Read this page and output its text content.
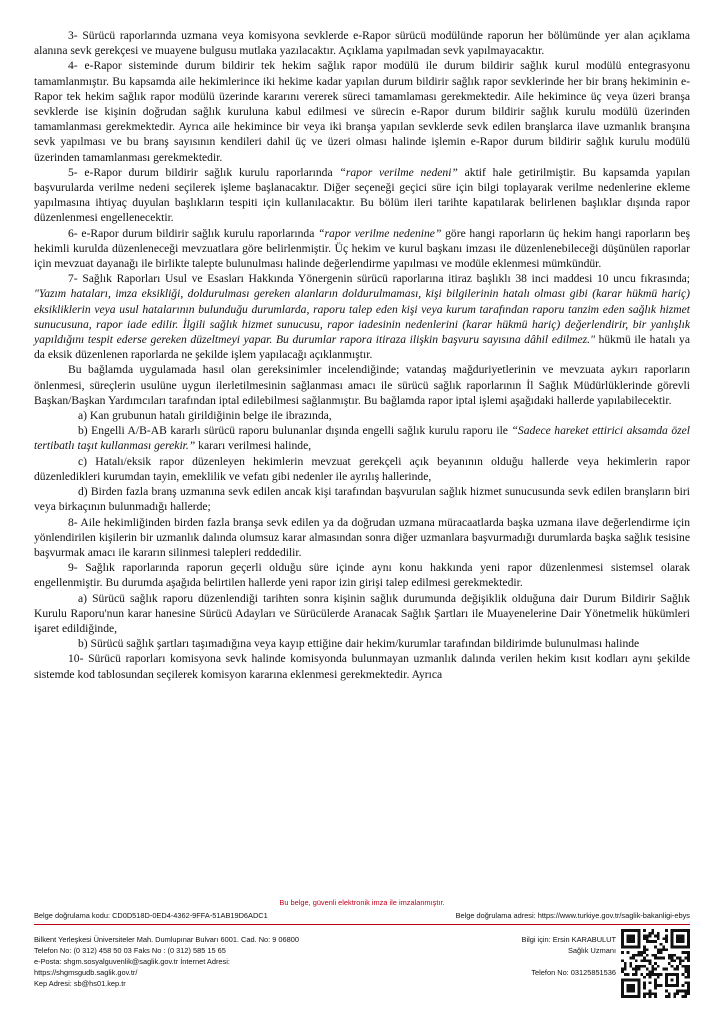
3- Sürücü raporlarında uzmana veya komisyona sevklerde e-Rapor sürücü modülünde raporun her bölümünde yer alan açıklama alanına sevk gerekçesi ve muayene bulgusu mutlaka yazılacaktır. Açıklama yapılmadan sevk yapılmayacaktır.

4- e-Rapor sisteminde durum bildirir tek hekim sağlık rapor modülü ile durum bildirir sağlık kurul modülü entegrasyonu tamamlanmıştır. Bu kapsamda aile hekimlerince iki hekime kadar yapılan durum bildirir sağlık rapor sevklerinde her bir branş hekiminin e-Rapor tek hekim sağlık rapor modülü üzerinde kararını vererek süreci tamamlaması gerekmektedir. Aile hekimince üç veya üzeri branşa sevklerde ise kişinin doğrudan sağlık kuruluna kabul edilmesi ve sürecin e-Rapor durum bildirir sağlık kurulu modülü üzerinden tamamlanması gerekmektedir. Ayrıca aile hekimince bir veya iki branşa yapılan sevklerde sevk edilen branşlarca ilave uzmanlık branşına sevk yapılması ve bu branş sayısının kendileri dahil üç ve üzeri olması halinde işlemin e-Rapor durum bildirir sağlık kurulu modülü üzerinden tamamlanması gerekmektedir.

5- e-Rapor durum bildirir sağlık kurulu raporlarında “rapor verilme nedeni” aktif hale getirilmiştir. Bu kapsamda yapılan başvurularda verilme nedeni seçilerek işleme başlanacaktır. Diğer seçeneği geçici süre için bilgi toplayarak verilme nedenlerine ekleme yapılmasına ihtiyaç duyulan başlıkların tespiti için kullanılacaktır. Bu bölüm ileri tarihte kapatılarak belirlenen başlıklar dışında rapor düzenlenmesi engellenecektir.

6- e-Rapor durum bildirir sağlık kurulu raporlarında “rapor verilme nedenine” göre hangi raporların üç hekim hangi raporların beş hekimli kurulda düzenleneceği mevzuatlara göre belirlenmiştir. Üç hekim ve kurul başkanı imzası ile düzenlenebileceği düşünülen raporlar için mevzuat dayanağı ile birlikte talepte bulunulması halinde değerlendirme yapılması ve modüle eklenmesi mümkündür.

7- Sağlık Raporları Usul ve Esasları Hakkında Yönergenin sürücü raporlarına itiraz başlıklı 38 inci maddesi 10 uncu fıkrasında; "Yazım hataları, imza eksikliği, doldurulması gereken alanların doldurulmaması, kişi bilgilerinin hatalı olması gibi (karar hükmü hariç) eksikliklerin veya usul hatalarının bulunduğu durumlarda, raporu talep eden kişi veya kurum tarafından raporu tanzim eden sağlık hizmet sunucusuna, rapor iade edilir. İlgili sağlık hizmet sunucusu, rapor iadesinin nedenlerini (karar hükmü hariç) değerlendirir, bir yanlışlık yapıldığını tespit ederse gereken düzeltmeyi yapar. Bu durumlar rapora itiraza ilişkin başvuru sayısına dâhil edilmez." hükmü ile hatalı ya da eksik düzenlenen raporlarda ne şekilde işlem yapılacağı açıklanmıştır.

Bu bağlamda uygulamada hasıl olan gereksinimler incelendiğinde; vatandaş mağduriyetlerinin ve mevzuata aykırı raporların önlenmesi, süreçlerin usulüne uygun ilerletilmesinin sağlanması amacı ile sürücü sağlık raporlarının İl Sağlık Müdürlüklerinde görevli Başkan/Başkan Yardımcıları tarafından iptal edilebilmesi sağlanmıştır. Bu bağlamda rapor iptal işlemi aşağıdaki hallerde yapılabilecektir.

a) Kan grubunun hatalı girildiğinin belge ile ibrazında,

b) Engelli A/B-AB kararlı sürücü raporu bulunanlar dışında engelli sağlık kurulu raporu ile “Sadece hareket ettirici aksamda özel tertibatlı taşıt kullanması gerekir.” kararı verilmesi halinde,

c) Hatalı/eksik rapor düzenleyen hekimlerin mevzuat gerekçeli açık beyanının olduğu hallerde veya hekimlerin rapor düzenledikleri kurumdan tayin, emeklilik ve vefatı gibi nedenler ile ayrılış hallerinde,

d) Birden fazla branş uzmanına sevk edilen ancak kişi tarafından başvurulan sağlık hizmet sunucusunda sevk edilen branşların biri veya birkaçının bulunmadığı hallerde;

8- Aile hekimliğinden birden fazla branşa sevk edilen ya da doğrudan uzmana müracaatlarda başka uzmana ilave değerlendirme için yönlendirilen kişilerin bir uzmanlık dalında olumsuz karar almasından sonra diğer uzmanlara başvurmadığı durumlarda başka sağlık tesisine başvurmak amacı ile kararın silinmesi talepleri reddedilir.

9- Sağlık raporlarında raporun geçerli olduğu süre içinde aynı konu hakkında yeni rapor düzenlenmesi sistemsel olarak engellenmiştir. Bu durumda aşağıda belirtilen hallerde yeni rapor izin girişi talep edilmesi gerekmektedir.

a) Sürücü sağlık raporu düzenlendiği tarihten sonra kişinin sağlık durumunda değişiklik olduğuna dair Durum Bildirir Sağlık Kurulu Raporu'nun karar hanesine Sürücü Adayları ve Sürücülerde Aranacak Sağlık Şartları ile Muayenelerine Dair Yönetmelik hükümleri işaret edildiğinde,

b) Sürücü sağlık şartları taşımadığına veya kayıp ettiğine dair hekim/kurumlar tarafından bildirimde bulunulması halinde

10- Sürücü raporları komisyona sevk halinde komisyonda bulunmayan uzmanlık dalında verilen hekim kısıt kodları aynı şekilde sistemde kod tablosundan seçilerek komisyon kararına eklenmesi gerekmektedir. Ayrıca

Bu belge, güvenli elektronik imza ile imzalanmıştır.
Belge doğrulama kodu: CD0D518D-0ED4-4362-9FFA-51AB19D6ADC1	Belge doğrulama adresi: https://www.turkiye.gov.tr/saglik-bakanligi-ebys
Bilkent Yerleşkesi Üniversiteler Mah. Dumlupınar Bulvarı 6001. Cad. No: 9 06800
Telefon No: (0 312) 458 50 03 Faks No : (0 312) 585 15 65
e-Posta: shgm.sosyalguvenlik@saglik.gov.tr İnternet Adresi:
https://shgmsgudb.saglik.gov.tr/
Kep Adresi: sb@hs01.kep.tr
Bilgi için: Ersin KARABULUT
Sağlık Uzmanı
Telefon No: 03125851536
